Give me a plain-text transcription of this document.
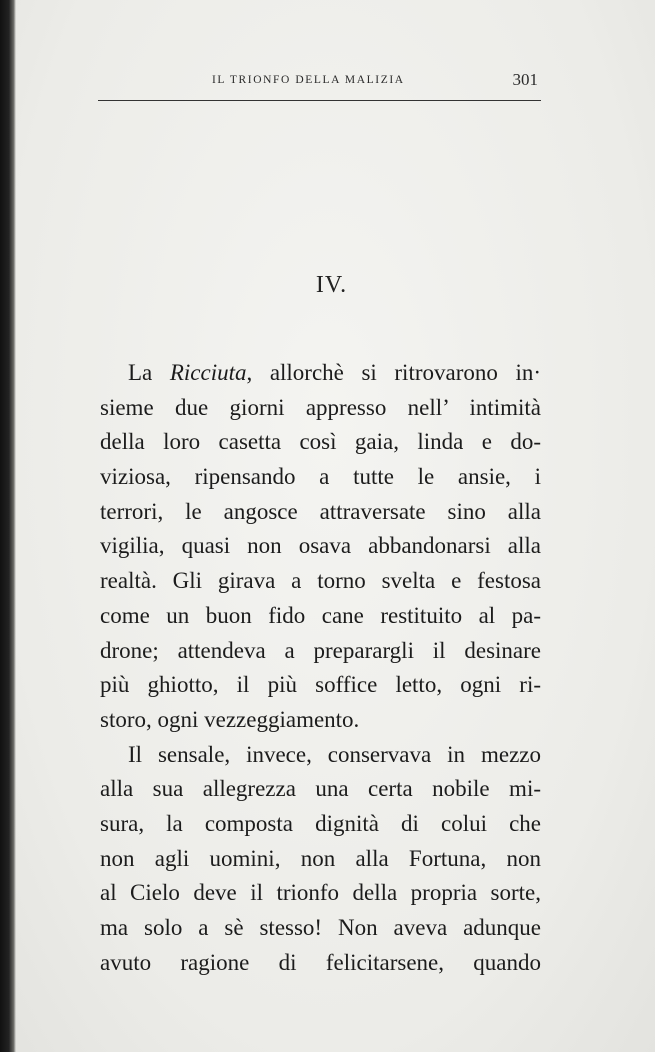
IL TRIONFO DELLA MALIZIA	301
IV.
La Ricciuta, allorchè si ritrovarono in·
sieme due giorni appresso nell’ intimità
della loro casetta così gaia, linda e do-
viziosa, ripensando a tutte le ansie, i
terrori, le angosce attraversate sino alla
vigilia, quasi non osava abbandonarsi alla
realtà. Gli girava a torno svelta e festosa
come un buon fido cane restituito al pa-
drone; attendeva a preparargli il desinare
più ghiotto, il più soffice letto, ogni ri-
storo, ogni vezzeggiamento.
Il sensale, invece, conservava in mezzo
alla sua allegrezza una certa nobile mi-
sura, la composta dignità di colui che
non agli uomini, non alla Fortuna, non
al Cielo deve il trionfo della propria sorte,
ma solo a sè stesso! Non aveva adunque
avuto ragione di felicitarsene, quando
